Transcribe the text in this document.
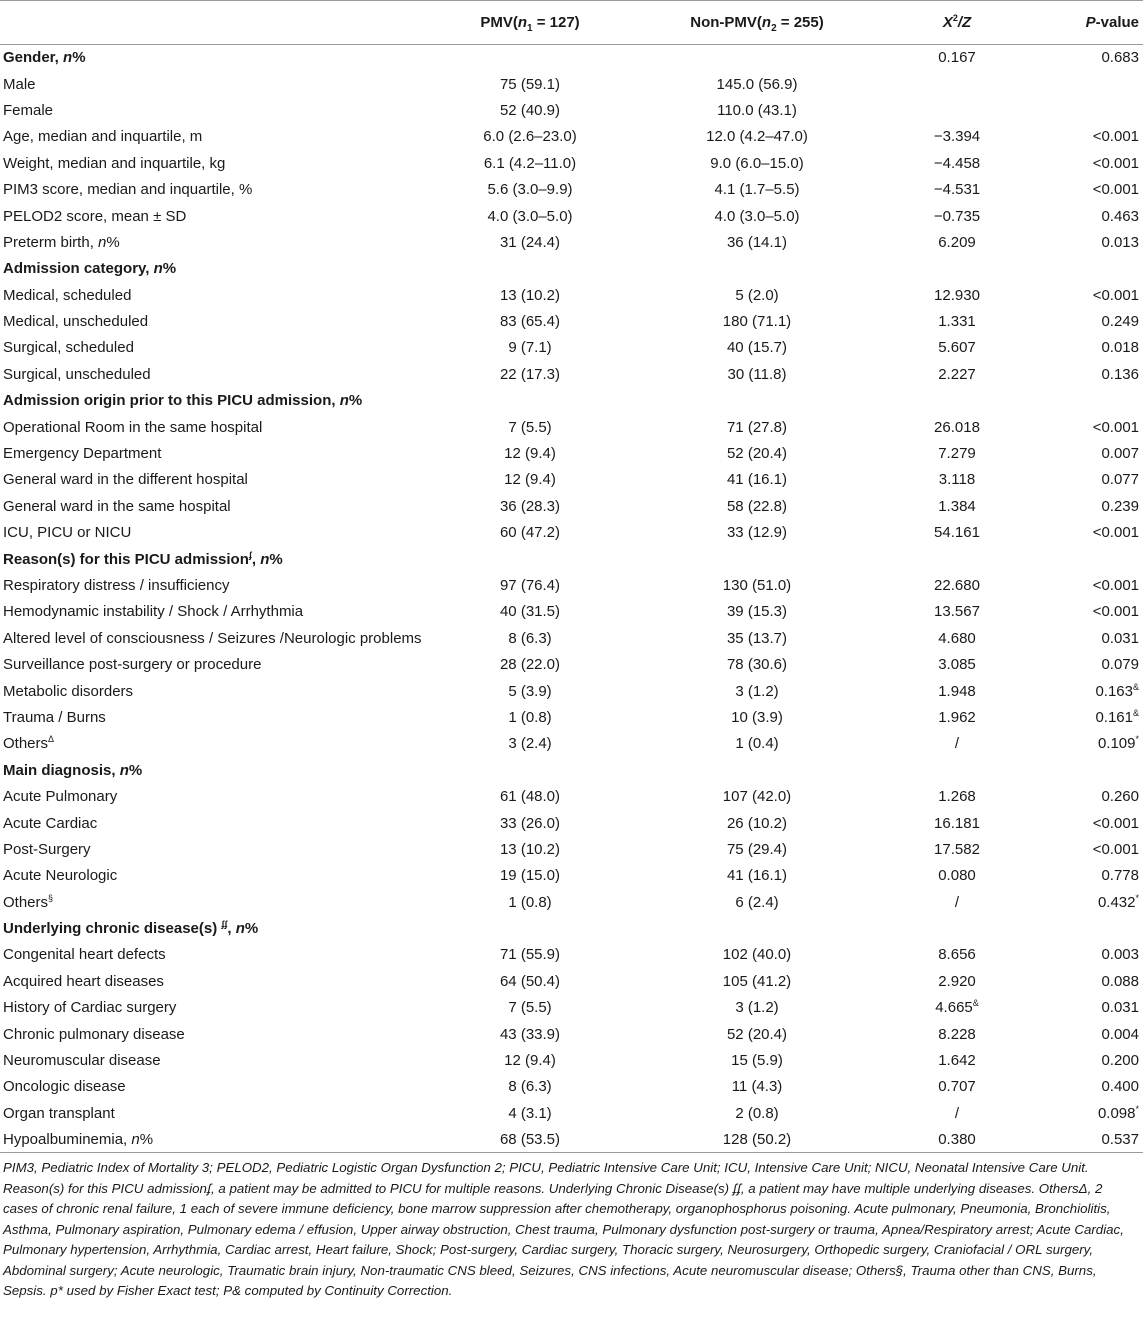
	$PMV(n_1 = 127)$	Non-$PMV(n_2 = 255)$	$X^2/Z$	P-value
Gender, n%			0.167	0.683
Male	75 (59.1)	145.0 (56.9)		
Female	52 (40.9)	110.0 (43.1)		
Age, median and inquartile, m	6.0 (2.6–23.0)	12.0 (4.2–47.0)	−3.394	<0.001
Weight, median and inquartile, kg	6.1 (4.2–11.0)	9.0 (6.0–15.0)	−4.458	<0.001
PIM3 score, median and inquartile, %	5.6 (3.0–9.9)	4.1 (1.7–5.5)	−4.531	<0.001
PELOD2 score, mean ± SD	4.0 (3.0–5.0)	4.0 (3.0–5.0)	−0.735	0.463
Preterm birth, n%	31 (24.4)	36 (14.1)	6.209	0.013
Admission category, n%				
Medical, scheduled	13 (10.2)	5 (2.0)	12.930	<0.001
Medical, unscheduled	83 (65.4)	180 (71.1)	1.331	0.249
Surgical, scheduled	9 (7.1)	40 (15.7)	5.607	0.018
Surgical, unscheduled	22 (17.3)	30 (11.8)	2.227	0.136
Admission origin prior to this PICU admission, n%				
Operational Room in the same hospital	7 (5.5)	71 (27.8)	26.018	<0.001
Emergency Department	12 (9.4)	52 (20.4)	7.279	0.007
General ward in the different hospital	12 (9.4)	41 (16.1)	3.118	0.077
General ward in the same hospital	36 (28.3)	58 (22.8)	1.384	0.239
ICU, PICU or NICU	60 (47.2)	33 (12.9)	54.161	<0.001
Reason(s) for this PICU admission$^ʄ$, n%				
Respiratory distress / insufficiency	97 (76.4)	130 (51.0)	22.680	<0.001
Hemodynamic instability / Shock / Arrhythmia	40 (31.5)	39 (15.3)	13.567	<0.001
Altered level of consciousness / Seizures /Neurologic problems	8 (6.3)	35 (13.7)	4.680	0.031
Surveillance post-surgery or procedure	28 (22.0)	78 (30.6)	3.085	0.079
Metabolic disorders	5 (3.9)	3 (1.2)	1.948	0.163&
Trauma / Burns	1 (0.8)	10 (3.9)	1.962	0.161&
Others$^\Delta$	3 (2.4)	1 (0.4)	/	0.109*
Main diagnosis, n%				
Acute Pulmonary	61 (48.0)	107 (42.0)	1.268	0.260
Acute Cardiac	33 (26.0)	26 (10.2)	16.181	<0.001
Post-Surgery	13 (10.2)	75 (29.4)	17.582	<0.001
Acute Neurologic	19 (15.0)	41 (16.1)	0.080	0.778
Others§	1 (0.8)	6 (2.4)	/	0.432*
Underlying chronic disease(s) $^{ʄʄ}$, n%				
Congenital heart defects	71 (55.9)	102 (40.0)	8.656	0.003
Acquired heart diseases	64 (50.4)	105 (41.2)	2.920	0.088
History of Cardiac surgery	7 (5.5)	3 (1.2)	4.665&	0.031
Chronic pulmonary disease	43 (33.9)	52 (20.4)	8.228	0.004
Neuromuscular disease	12 (9.4)	15 (5.9)	1.642	0.200
Oncologic disease	8 (6.3)	11 (4.3)	0.707	0.400
Organ transplant	4 (3.1)	2 (0.8)	/	0.098*
Hypoalbuminemia, n%	68 (53.5)	128 (50.2)	0.380	0.537

PIM3, Pediatric Index of Mortality 3; PELOD2, Pediatric Logistic Organ Dysfunction 2; PICU, Pediatric Intensive Care Unit; ICU, Intensive Care Unit; NICU, Neonatal Intensive Care Unit. Reason(s) for this PICU admissionʄ, a patient may be admitted to PICU for multiple reasons. Underlying Chronic Disease(s) ʄʄ, a patient may have multiple underlying diseases. OthersΔ, 2 cases of chronic renal failure, 1 each of severe immune deficiency, bone marrow suppression after chemotherapy, organophosphorus poisoning. Acute pulmonary, Pneumonia, Bronchiolitis, Asthma, Pulmonary aspiration, Pulmonary edema / effusion, Upper airway obstruction, Chest trauma, Pulmonary dysfunction post-surgery or trauma, Apnea/Respiratory arrest; Acute Cardiac, Pulmonary hypertension, Arrhythmia, Cardiac arrest, Heart failure, Shock; Post-surgery, Cardiac surgery, Thoracic surgery, Neurosurgery, Orthopedic surgery, Craniofacial / ORL surgery, Abdominal surgery; Acute neurologic, Traumatic brain injury, Non-traumatic CNS bleed, Seizures, CNS infections, Acute neuromuscular disease; Others§, Trauma other than CNS, Burns, Sepsis. p* used by Fisher Exact test; P& computed by Continuity Correction.
